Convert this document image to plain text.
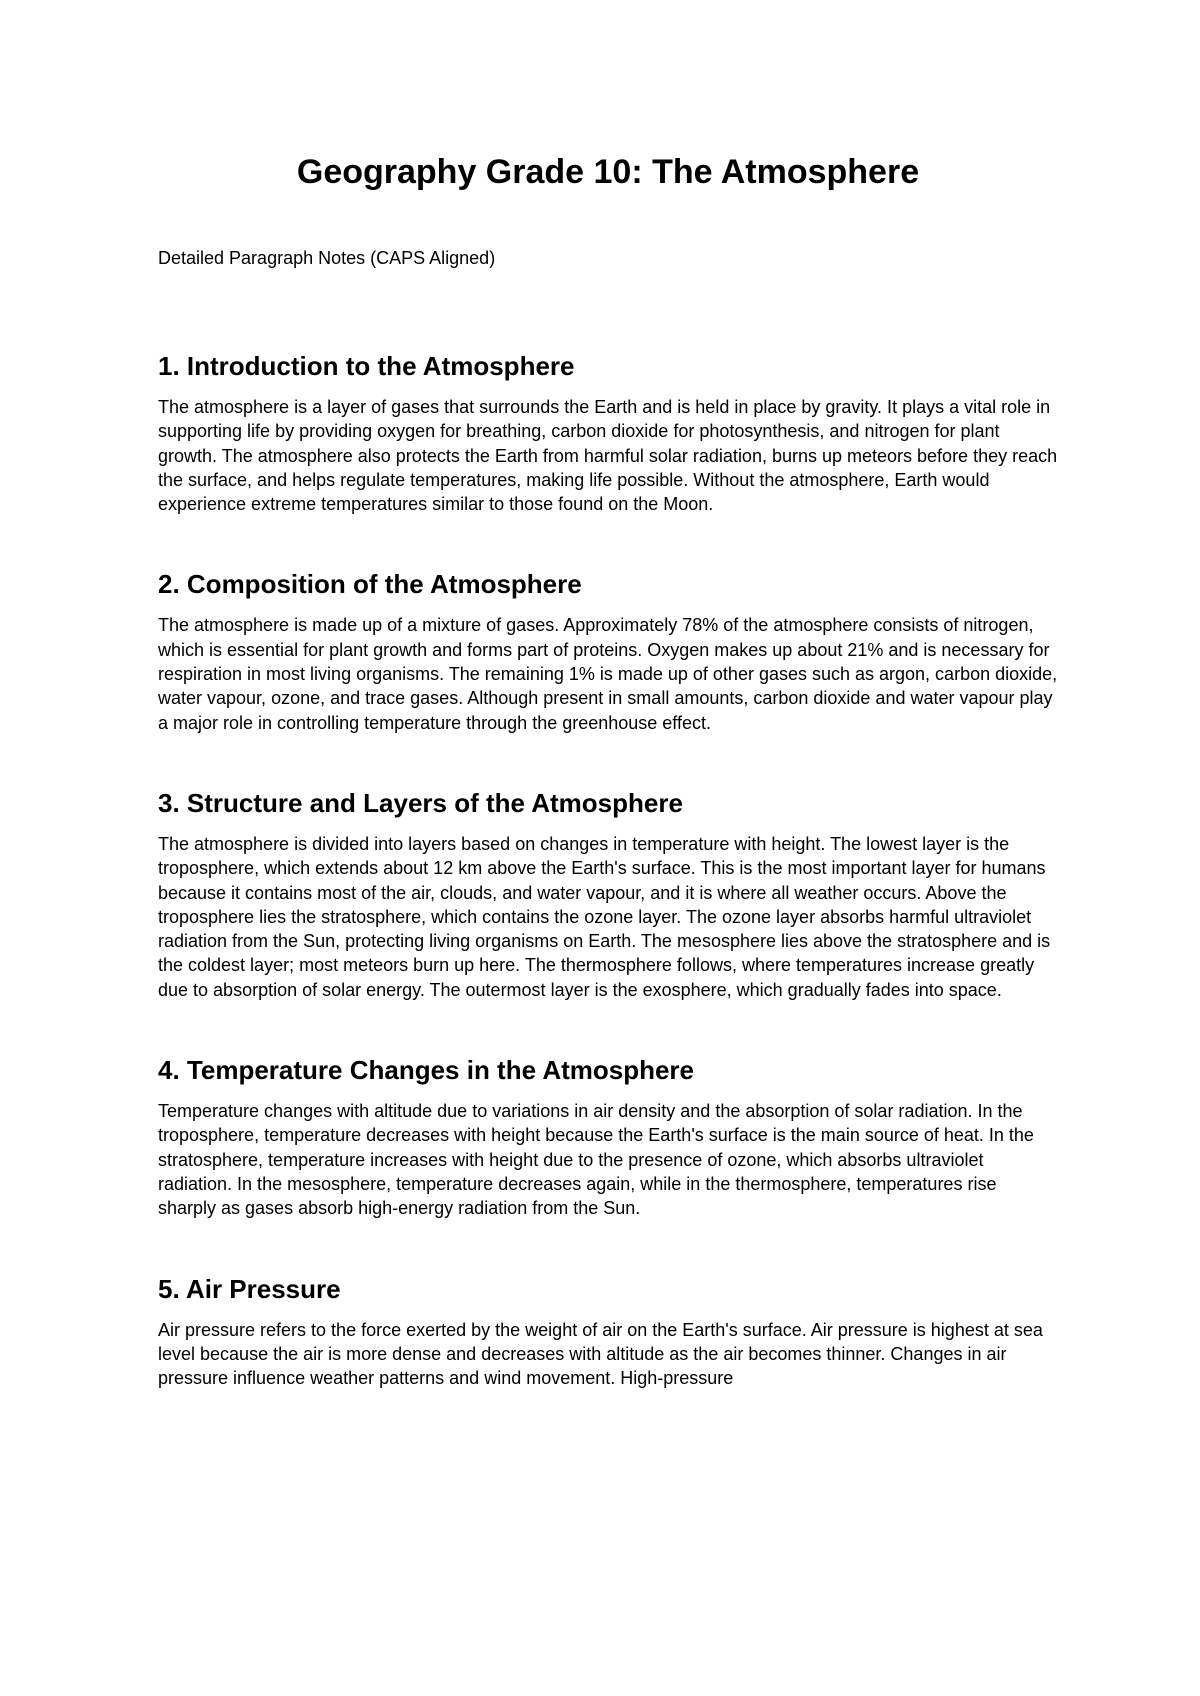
Geography Grade 10: The Atmosphere

Detailed Paragraph Notes (CAPS Aligned)

1. Introduction to the Atmosphere

The atmosphere is a layer of gases that surrounds the Earth and is held in place by gravity. It plays a vital role in supporting life by providing oxygen for breathing, carbon dioxide for photosynthesis, and nitrogen for plant growth. The atmosphere also protects the Earth from harmful solar radiation, burns up meteors before they reach the surface, and helps regulate temperatures, making life possible. Without the atmosphere, Earth would experience extreme temperatures similar to those found on the Moon.

2. Composition of the Atmosphere

The atmosphere is made up of a mixture of gases. Approximately 78% of the atmosphere consists of nitrogen, which is essential for plant growth and forms part of proteins. Oxygen makes up about 21% and is necessary for respiration in most living organisms. The remaining 1% is made up of other gases such as argon, carbon dioxide, water vapour, ozone, and trace gases. Although present in small amounts, carbon dioxide and water vapour play a major role in controlling temperature through the greenhouse effect.

3. Structure and Layers of the Atmosphere

The atmosphere is divided into layers based on changes in temperature with height. The lowest layer is the troposphere, which extends about 12 km above the Earth's surface. This is the most important layer for humans because it contains most of the air, clouds, and water vapour, and it is where all weather occurs. Above the troposphere lies the stratosphere, which contains the ozone layer. The ozone layer absorbs harmful ultraviolet radiation from the Sun, protecting living organisms on Earth. The mesosphere lies above the stratosphere and is the coldest layer; most meteors burn up here. The thermosphere follows, where temperatures increase greatly due to absorption of solar energy. The outermost layer is the exosphere, which gradually fades into space.

4. Temperature Changes in the Atmosphere

Temperature changes with altitude due to variations in air density and the absorption of solar radiation. In the troposphere, temperature decreases with height because the Earth's surface is the main source of heat. In the stratosphere, temperature increases with height due to the presence of ozone, which absorbs ultraviolet radiation. In the mesosphere, temperature decreases again, while in the thermosphere, temperatures rise sharply as gases absorb high-energy radiation from the Sun.

5. Air Pressure

Air pressure refers to the force exerted by the weight of air on the Earth's surface. Air pressure is highest at sea level because the air is more dense and decreases with altitude as the air becomes thinner. Changes in air pressure influence weather patterns and wind movement. High-pressure
